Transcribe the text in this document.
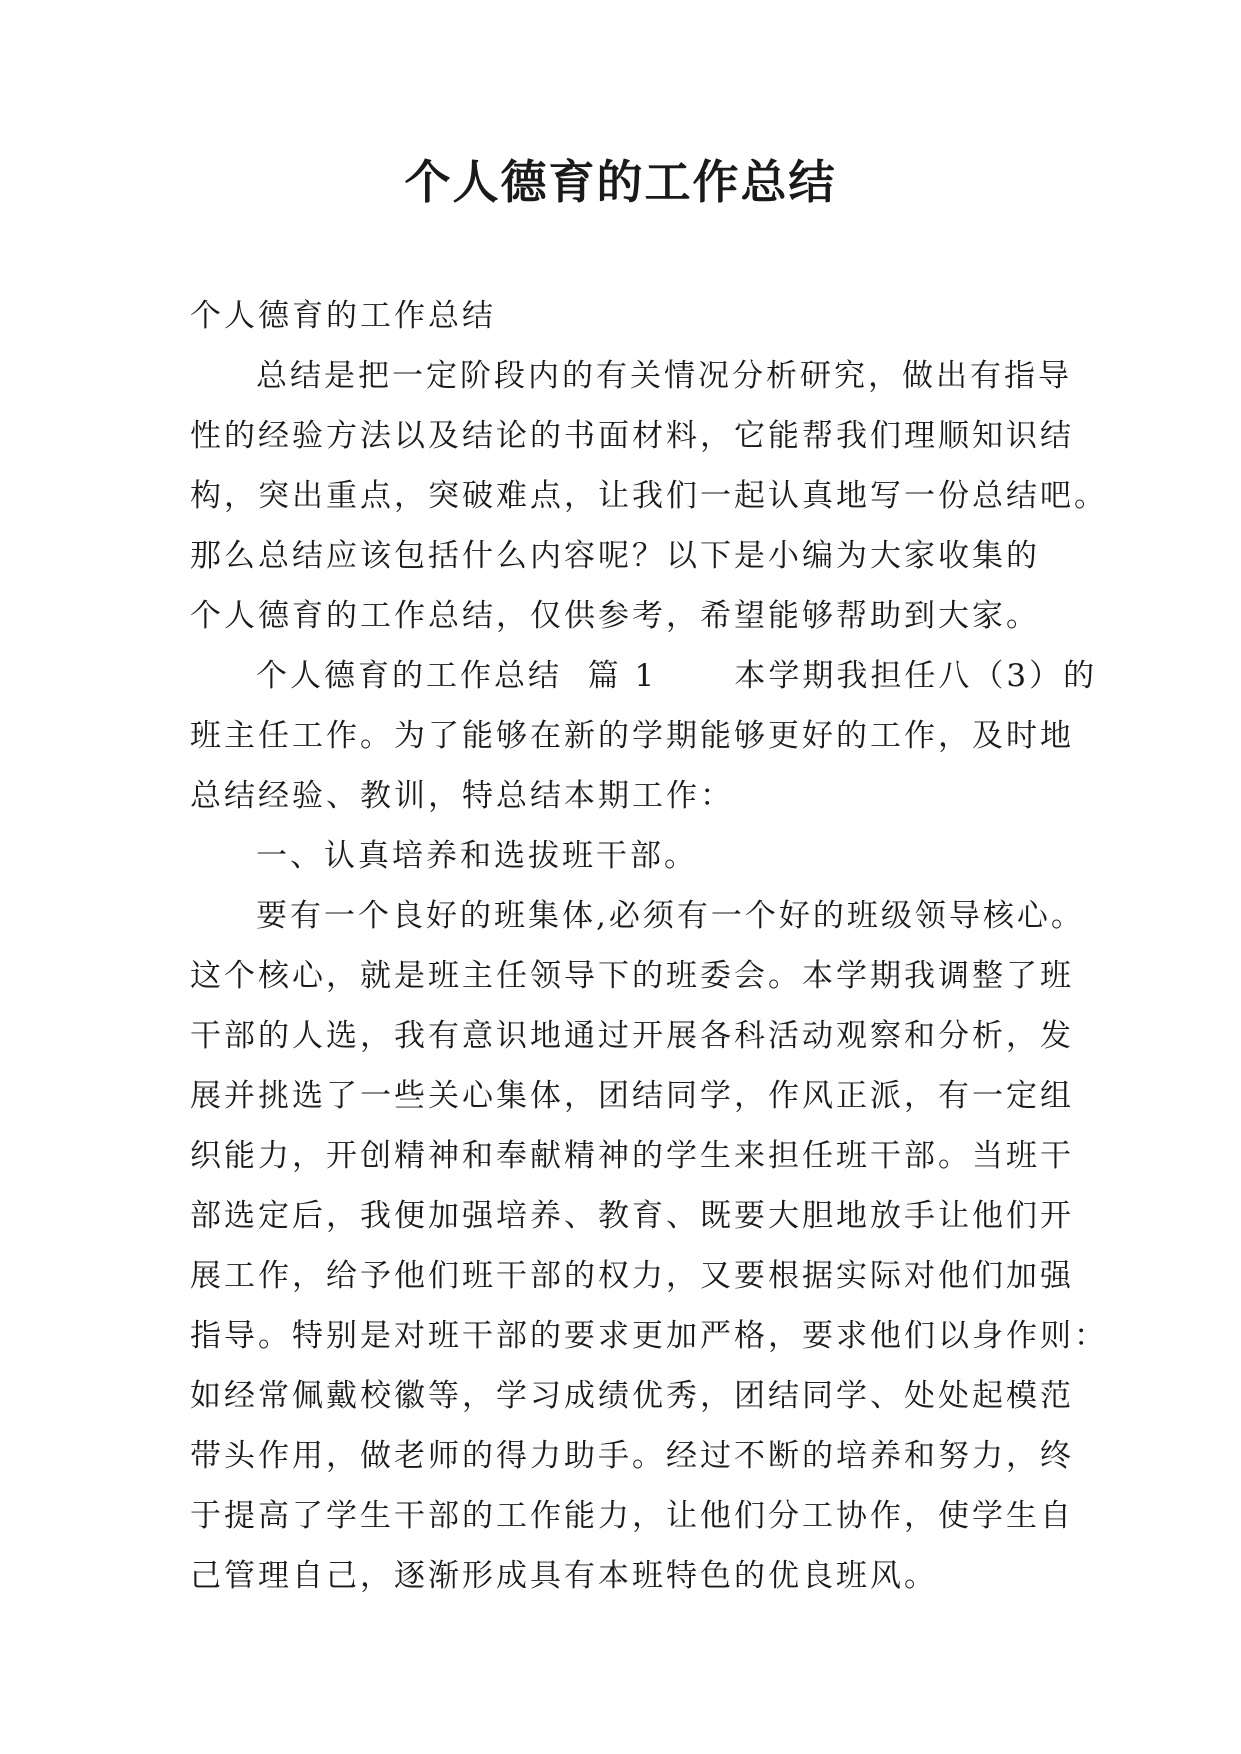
个人德育的工作总结
个人德育的工作总结
总结是把一定阶段内的有关情况分析研究，做出有指导
性的经验方法以及结论的书面材料，它能帮我们理顺知识结
构，突出重点，突破难点，让我们一起认真地写一份总结吧。
那么总结应该包括什么内容呢？以下是小编为大家收集的
个人德育的工作总结，仅供参考，希望能够帮助到大家。
个人德育的工作总结  篇 1      本学期我担任八（3）的
班主任工作。为了能够在新的学期能够更好的工作，及时地
总结经验、教训，特总结本期工作：
一、认真培养和选拔班干部。
要有一个良好的班集体,必须有一个好的班级领导核心。
这个核心，就是班主任领导下的班委会。本学期我调整了班
干部的人选，我有意识地通过开展各科活动观察和分析，发
展并挑选了一些关心集体，团结同学，作风正派，有一定组
织能力，开创精神和奉献精神的学生来担任班干部。当班干
部选定后，我便加强培养、教育、既要大胆地放手让他们开
展工作，给予他们班干部的权力，又要根据实际对他们加强
指导。特别是对班干部的要求更加严格，要求他们以身作则：
如经常佩戴校徽等，学习成绩优秀，团结同学、处处起模范
带头作用，做老师的得力助手。经过不断的培养和努力，终
于提高了学生干部的工作能力，让他们分工协作，使学生自
己管理自己，逐渐形成具有本班特色的优良班风。
